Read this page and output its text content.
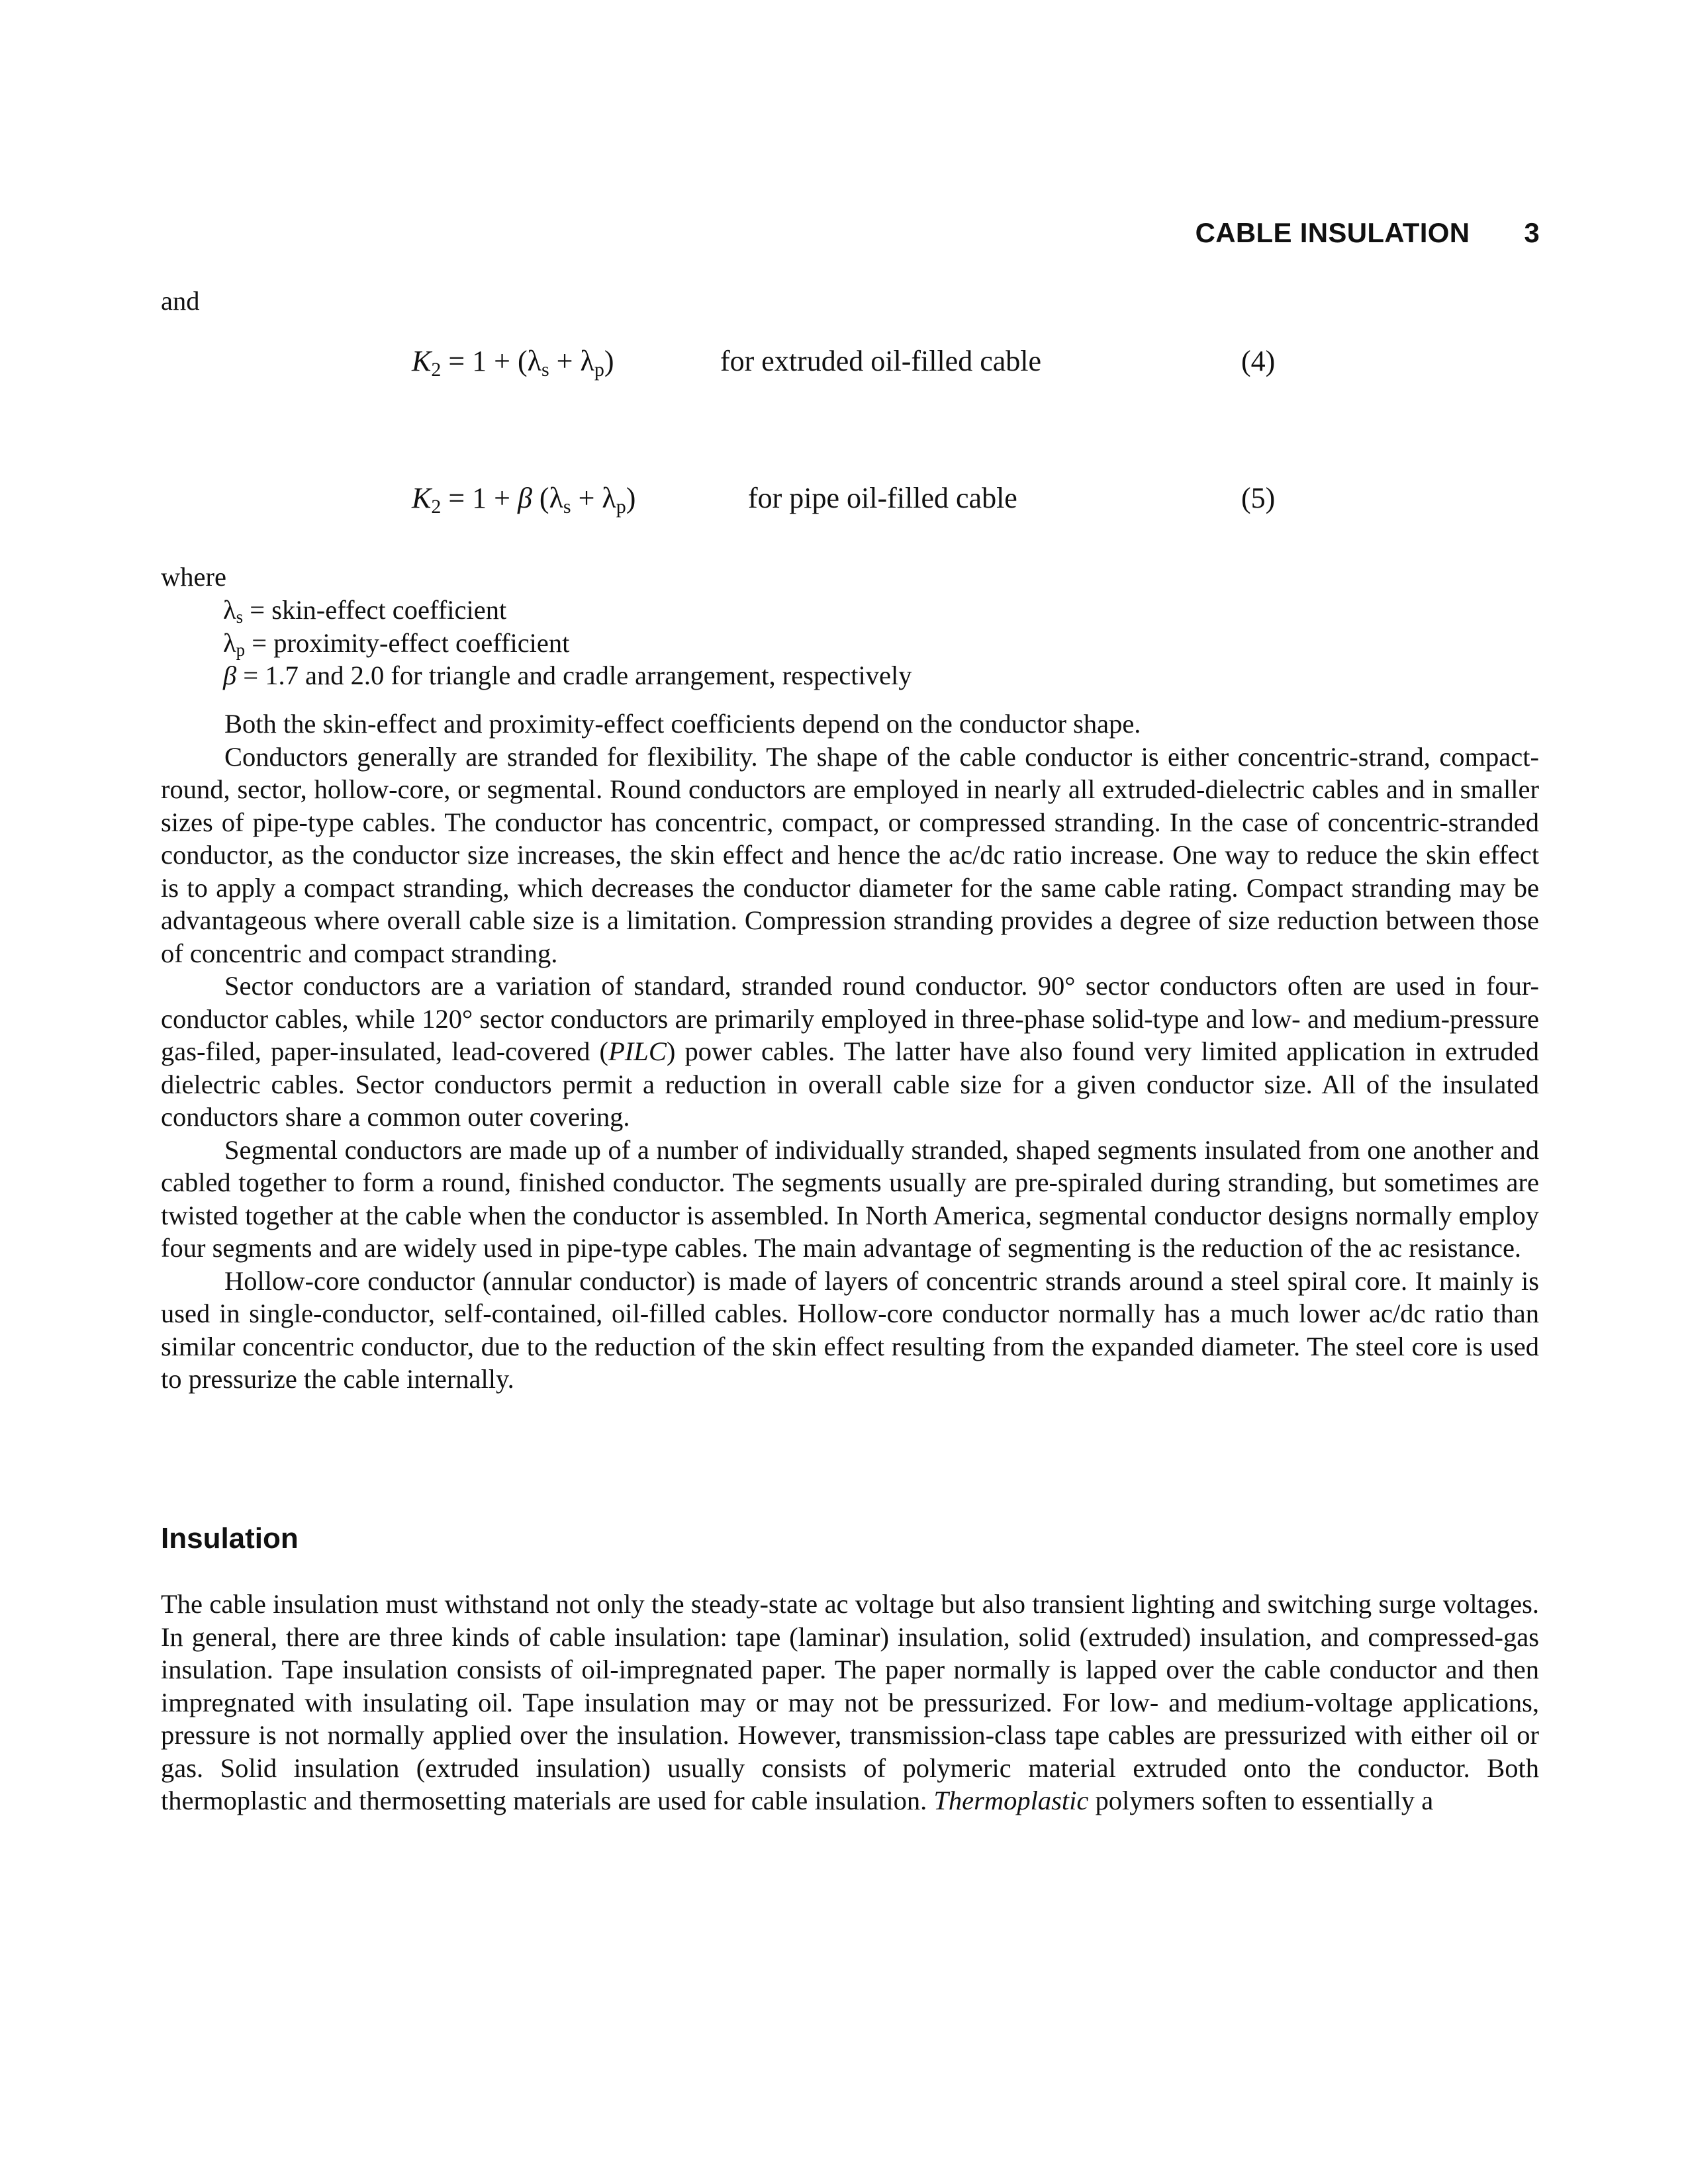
CABLE INSULATION 3
and
$K_2 = 1 + (\lambda_s + \lambda_p)$	for extruded oil-filled cable	(4)
$K_2 = 1 + \beta$ $(\lambda_s + \lambda_p)$	for pipe oil-filled cable	(5)
where
$\lambda_s$ = skin-effect coefficient
$\lambda_p$ = proximity-effect coefficient
β = 1.7 and 2.0 for triangle and cradle arrangement, respectively

Both the skin-effect and proximity-effect coefficients depend on the conductor shape.

Conductors generally are stranded for flexibility. The shape of the cable conductor is either concentric-strand, compact-round, sector, hollow-core, or segmental. Round conductors are employed in nearly all extruded-dielectric cables and in smaller sizes of pipe-type cables. The conductor has concentric, compact, or compressed stranding. In the case of concentric-stranded conductor, as the conductor size increases, the skin effect and hence the ac/dc ratio increase. One way to reduce the skin effect is to apply a compact stranding, which decreases the conductor diameter for the same cable rating. Compact stranding may be advantageous where overall cable size is a limitation. Compression stranding provides a degree of size reduction between those of concentric and compact stranding.

Sector conductors are a variation of standard, stranded round conductor. 90° sector conductors often are used in four-conductor cables, while 120° sector conductors are primarily employed in three-phase solid-type and low- and medium-pressure gas-filed, paper-insulated, lead-covered (PILC) power cables. The latter have also found very limited application in extruded dielectric cables. Sector conductors permit a reduction in overall cable size for a given conductor size. All of the insulated conductors share a common outer covering.

Segmental conductors are made up of a number of individually stranded, shaped segments insulated from one another and cabled together to form a round, finished conductor. The segments usually are pre-spiraled during stranding, but sometimes are twisted together at the cable when the conductor is assembled. In North America, segmental conductor designs normally employ four segments and are widely used in pipe-type cables. The main advantage of segmenting is the reduction of the ac resistance.

Hollow-core conductor (annular conductor) is made of layers of concentric strands around a steel spiral core. It mainly is used in single-conductor, self-contained, oil-filled cables. Hollow-core conductor normally has a much lower ac/dc ratio than similar concentric conductor, due to the reduction of the skin effect resulting from the expanded diameter. The steel core is used to pressurize the cable internally.

Insulation

The cable insulation must withstand not only the steady-state ac voltage but also transient lighting and switching surge voltages. In general, there are three kinds of cable insulation: tape (laminar) insulation, solid (extruded) insulation, and compressed-gas insulation. Tape insulation consists of oil-impregnated paper. The paper normally is lapped over the cable conductor and then impregnated with insulating oil. Tape insulation may or may not be pressurized. For low- and medium-voltage applications, pressure is not normally applied over the insulation. However, transmission-class tape cables are pressurized with either oil or gas. Solid insulation (extruded insulation) usually consists of polymeric material extruded onto the conductor. Both thermoplastic and thermosetting materials are used for cable insulation. Thermoplastic polymers soften to essentially a
